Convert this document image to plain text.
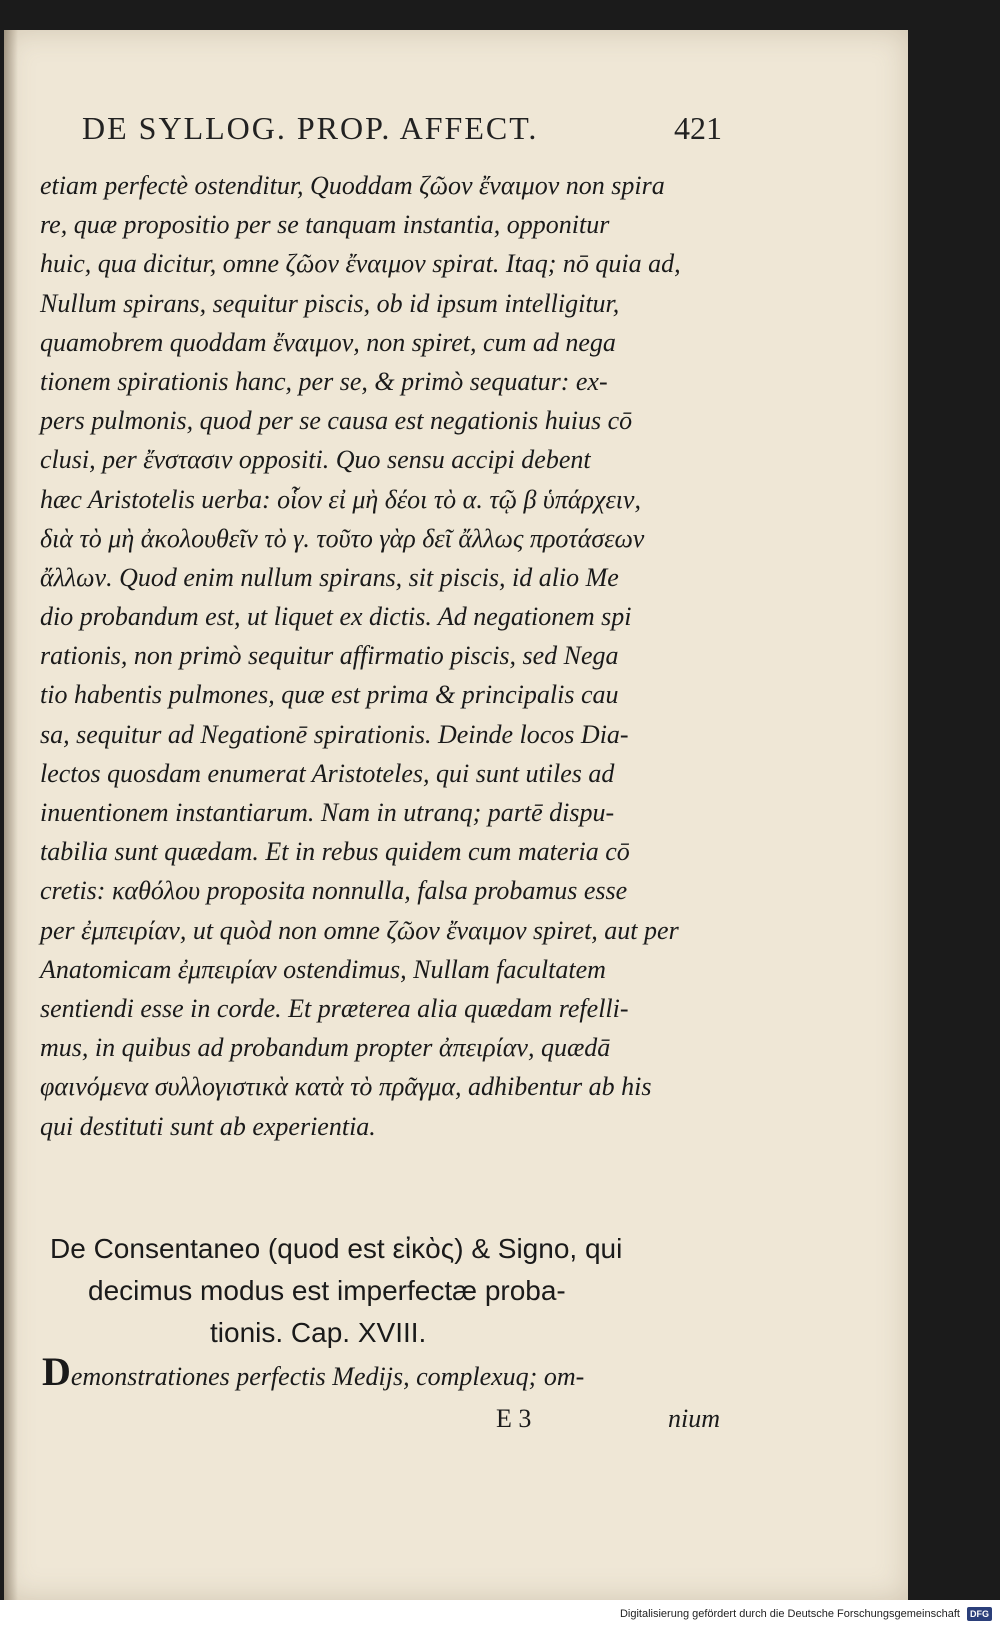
DE SYLLOG. PROP. AFFECT.	421
etiam perfectè ostenditur, Quoddam ζῶον ἔναιμον non spira
re, quæ propositio per se tanquam instantia, opponitur
huic, qua dicitur, omne ζῶον ἔναιμον spirat. Itaq; nō quia ad,
Nullum spirans, sequitur piscis, ob id ipsum intelligitur,
quamobrem quoddam ἔναιμον, non spiret, cum ad nega
tionem spirationis hanc, per se, & primò sequatur: ex-
pers pulmonis, quod per se causa est negationis huius cō
clusi, per ἔνστασιν oppositi. Quo sensu accipi debent
hæc Aristotelis uerba: οἷον εἰ μὴ δέοι τὸ α. τῷ β ὑπάρχειν,
διὰ τὸ μὴ ἀκολουθεῖν τὸ γ. τοῦτο γὰρ δεῖ ἄλλως προτάσεων
ἄλλων. Quod enim nullum spirans, sit piscis, id alio Me
dio probandum est, ut liquet ex dictis. Ad negationem spi
rationis, non primò sequitur affirmatio piscis, sed Nega
tio habentis pulmones, quæ est prima & principalis cau
sa, sequitur ad Negationē spirationis. Deinde locos Dia-
lectos quosdam enumerat Aristoteles, qui sunt utiles ad
inuentionem instantiarum. Nam in utranq; partē dispu-
tabilia sunt quædam. Et in rebus quidem cum materia cō
cretis: καθόλου proposita nonnulla, falsa probamus esse
per ἐμπειρίαν, ut quòd non omne ζῶον ἔναιμον spiret, aut per
Anatomicam ἐμπειρίαν ostendimus, Nullam facultatem
sentiendi esse in corde. Et præterea alia quædam refelli-
mus, in quibus ad probandum propter ἀπειρίαν, quædā
φαινόμενα συλλογιστικὰ κατὰ τὸ πρᾶγμα, adhibentur ab his
qui destituti sunt ab experientia.
De Consentaneo (quod est εἰκὸς) & Signo, qui
decimus modus est imperfectæ proba-
tionis. Cap. XVIII.
Demonstrationes perfectis Medijs, complexuq; om-
E 3	nium
Digitalisierung gefördert durch die Deutsche Forschungsgemeinschaft DFG
